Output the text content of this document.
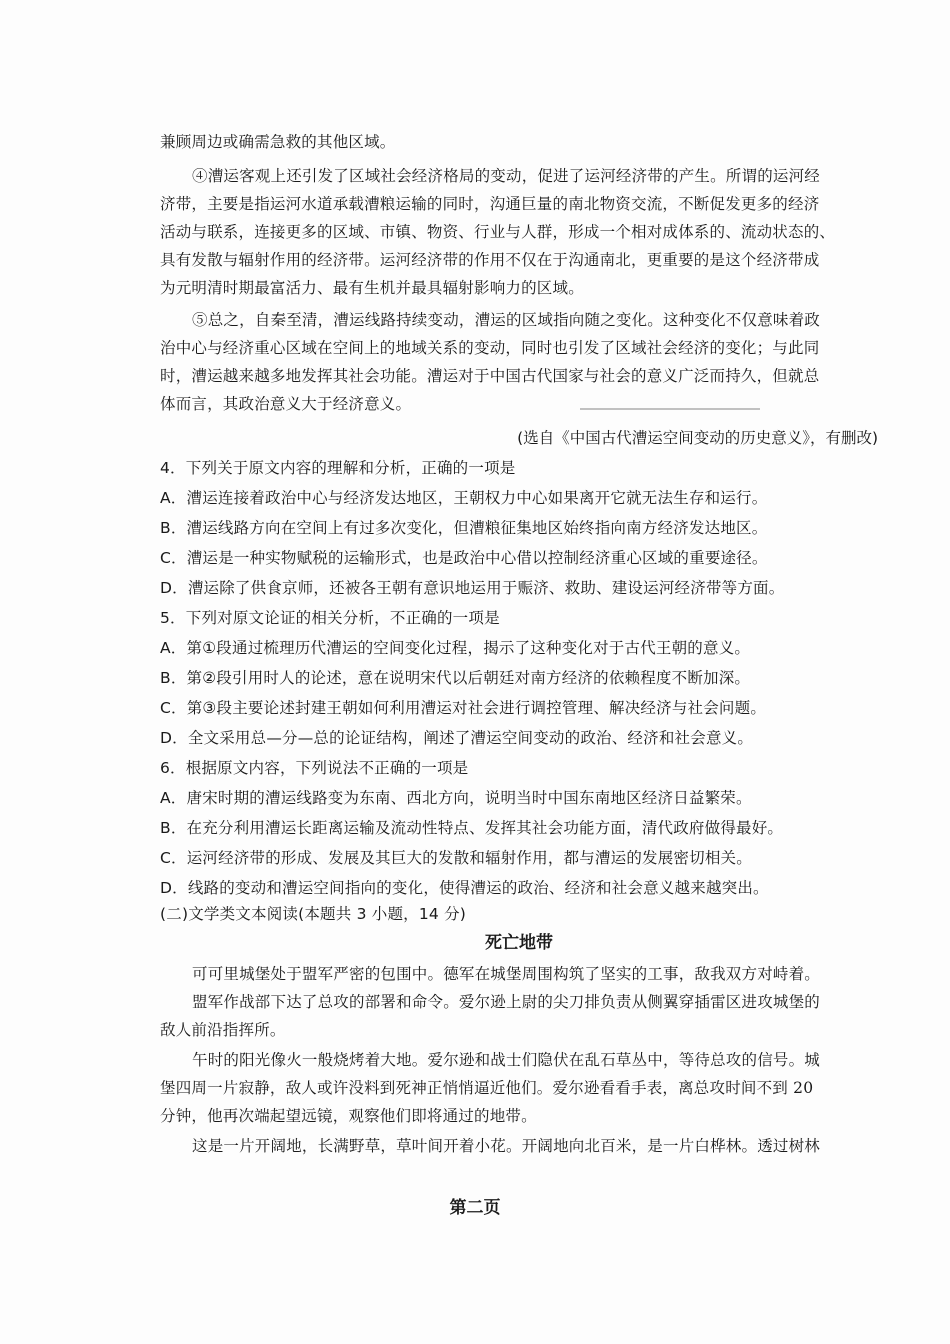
兼顾周边或确需急救的其他区域。
④漕运客观上还引发了区域社会经济格局的变动，促进了运河经济带的产生。所谓的运河经
济带，主要是指运河水道承载漕粮运输的同时，沟通巨量的南北物资交流，不断促发更多的经济
活动与联系，连接更多的区域、市镇、物资、行业与人群，形成一个相对成体系的、流动状态的、
具有发散与辐射作用的经济带。运河经济带的作用不仅在于沟通南北，更重要的是这个经济带成
为元明清时期最富活力、最有生机并最具辐射影响力的区域。
⑤总之，自秦至清，漕运线路持续变动，漕运的区域指向随之变化。这种变化不仅意味着政
治中心与经济重心区域在空间上的地域关系的变动，同时也引发了区域社会经济的变化；与此同
时，漕运越来越多地发挥其社会功能。漕运对于中国古代国家与社会的意义广泛而持久，但就总
体而言，其政治意义大于经济意义。
(选自《中国古代漕运空间变动的历史意义》，有删改)
4．下列关于原文内容的理解和分析，正确的一项是
A．漕运连接着政治中心与经济发达地区，王朝权力中心如果离开它就无法生存和运行。
B．漕运线路方向在空间上有过多次变化，但漕粮征集地区始终指向南方经济发达地区。
C．漕运是一种实物赋税的运输形式，也是政治中心借以控制经济重心区域的重要途径。
D．漕运除了供食京师，还被各王朝有意识地运用于赈济、救助、建设运河经济带等方面。
5．下列对原文论证的相关分析，不正确的一项是
A．第①段通过梳理历代漕运的空间变化过程，揭示了这种变化对于古代王朝的意义。
B．第②段引用时人的论述，意在说明宋代以后朝廷对南方经济的依赖程度不断加深。
C．第③段主要论述封建王朝如何利用漕运对社会进行调控管理、解决经济与社会问题。
D．全文采用总—分—总的论证结构，阐述了漕运空间变动的政治、经济和社会意义。
6．根据原文内容，下列说法不正确的一项是
A．唐宋时期的漕运线路变为东南、西北方向，说明当时中国东南地区经济日益繁荣。
B．在充分利用漕运长距离运输及流动性特点、发挥其社会功能方面，清代政府做得最好。
C．运河经济带的形成、发展及其巨大的发散和辐射作用，都与漕运的发展密切相关。
D．线路的变动和漕运空间指向的变化，使得漕运的政治、经济和社会意义越来越突出。
(二)文学类文本阅读(本题共 3 小题，14 分)
死亡地带
可可里城堡处于盟军严密的包围中。德军在城堡周围构筑了坚实的工事，敌我双方对峙着。
盟军作战部下达了总攻的部署和命令。爱尔逊上尉的尖刀排负责从侧翼穿插雷区进攻城堡的
敌人前沿指挥所。
午时的阳光像火一般烧烤着大地。爱尔逊和战士们隐伏在乱石草丛中，等待总攻的信号。城
堡四周一片寂静，敌人或许没料到死神正悄悄逼近他们。爱尔逊看看手表，离总攻时间不到 20
分钟，他再次端起望远镜，观察他们即将通过的地带。
这是一片开阔地，长满野草，草叶间开着小花。开阔地向北百米，是一片白桦林。透过树林
第二页
